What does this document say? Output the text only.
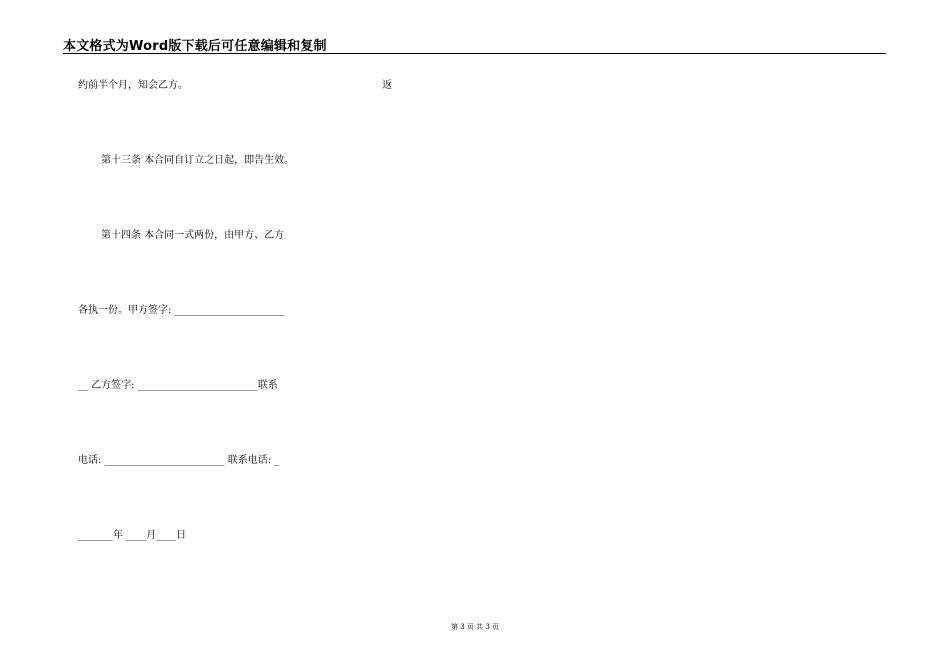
本文格式为Word版下载后可任意编辑和复制
约前半个月，知会乙方。	返
第十三条 本合同自订立之日起，即告生效。
第十四条 本合同一式两份，由甲方、乙方
各执一份。甲方签字: ______________________
__ 乙方签字: ________________________联系
电话: ________________________ 联系电话: _
_______年 ____月____日
第 3 页 共 3 页
